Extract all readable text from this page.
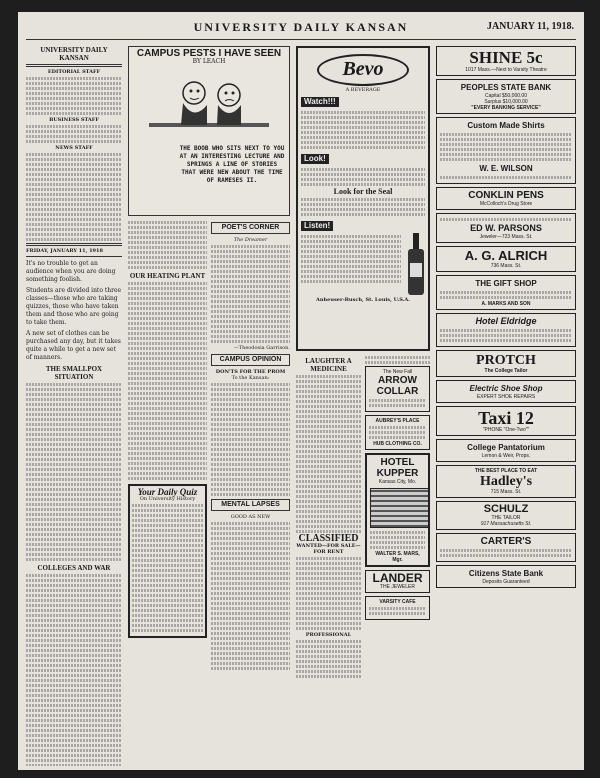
UNIVERSITY DAILY KANSAN	JANUARY 11, 1918.
UNIVERSITY DAILY KANSAN
EDITORIAL STAFF
BUSINESS STAFF
NEWS STAFF
FRIDAY, JANUARY 11, 1918

It's no trouble to get an audience when you are doing something foolish.

Students are divided into three classes—those who are taking quizzes, those who have taken them and those who are going to take them.

A new set of clothes can be purchased any day, but it takes quite a while to get a new set of manners.

THE SMALLPOX SITUATION
COLLEGES AND WAR
CAMPUS PESTS I HAVE SEEN
BY LEACH
THE BOOB WHO SITS NEXT TO YOU AT AN INTERESTING LECTURE AND SPRINGS A LINE OF STORIES THAT WERE NEW ABOUT THE TIME OF RAMESES II.
OUR HEATING PLANT
Your Daily Quiz
On University History
POET'S CORNER
The Dreamer
—Theodosia Garrison.
CAMPUS OPINION
DON'TS FOR THE PROM
To the Kansan:
MENTAL LAPSES
GOOD AS NEW
Bevo
A BEVERAGE
Watch!!!
Look!
Look for the Seal
Listen!
Anheuser-Busch, St. Louis, U.S.A.
LAUGHTER A MEDICINE
CLASSIFIED
WANTED—FOR SALE—FOR RENT
PROFESSIONAL
The New Fall
ARROW COLLAR
AUBREY'S PLACE
HUB CLOTHING CO.
HOTEL KUPPER
Kansas City, Mo.
WALTER S. MARS, Mgr.
LANDER
THE JEWELER
VARSITY CAFE
SHINE 5c
1017 Mass.—Next to Varsity Theatre
PEOPLES STATE BANK
Capital $50,000.00
Surplus $10,000.00
"EVERY BANKING SERVICE"
Custom Made Shirts
W. E. WILSON
CONKLIN PENS
McColloch's Drug Store
ED W. PARSONS
Jeweler—723 Mass. St.
A. G. ALRICH
736 Mass. St.
THE GIFT SHOP
A. MARKS AND SON
Hotel Eldridge
PROTCH
The College Tailor
Electric Shoe Shop
EXPERT SHOE REPAIRS
Taxi 12
"PHONE "One-Two""
College Pantatorium
Lemon & Weir, Props.
THE BEST PLACE TO EAT
Hadley's
715 Mass. St.
SCHULZ
THE TAILOR
917 Massachusetts St.
CARTER'S
Citizens State Bank
Deposits Guaranteed
